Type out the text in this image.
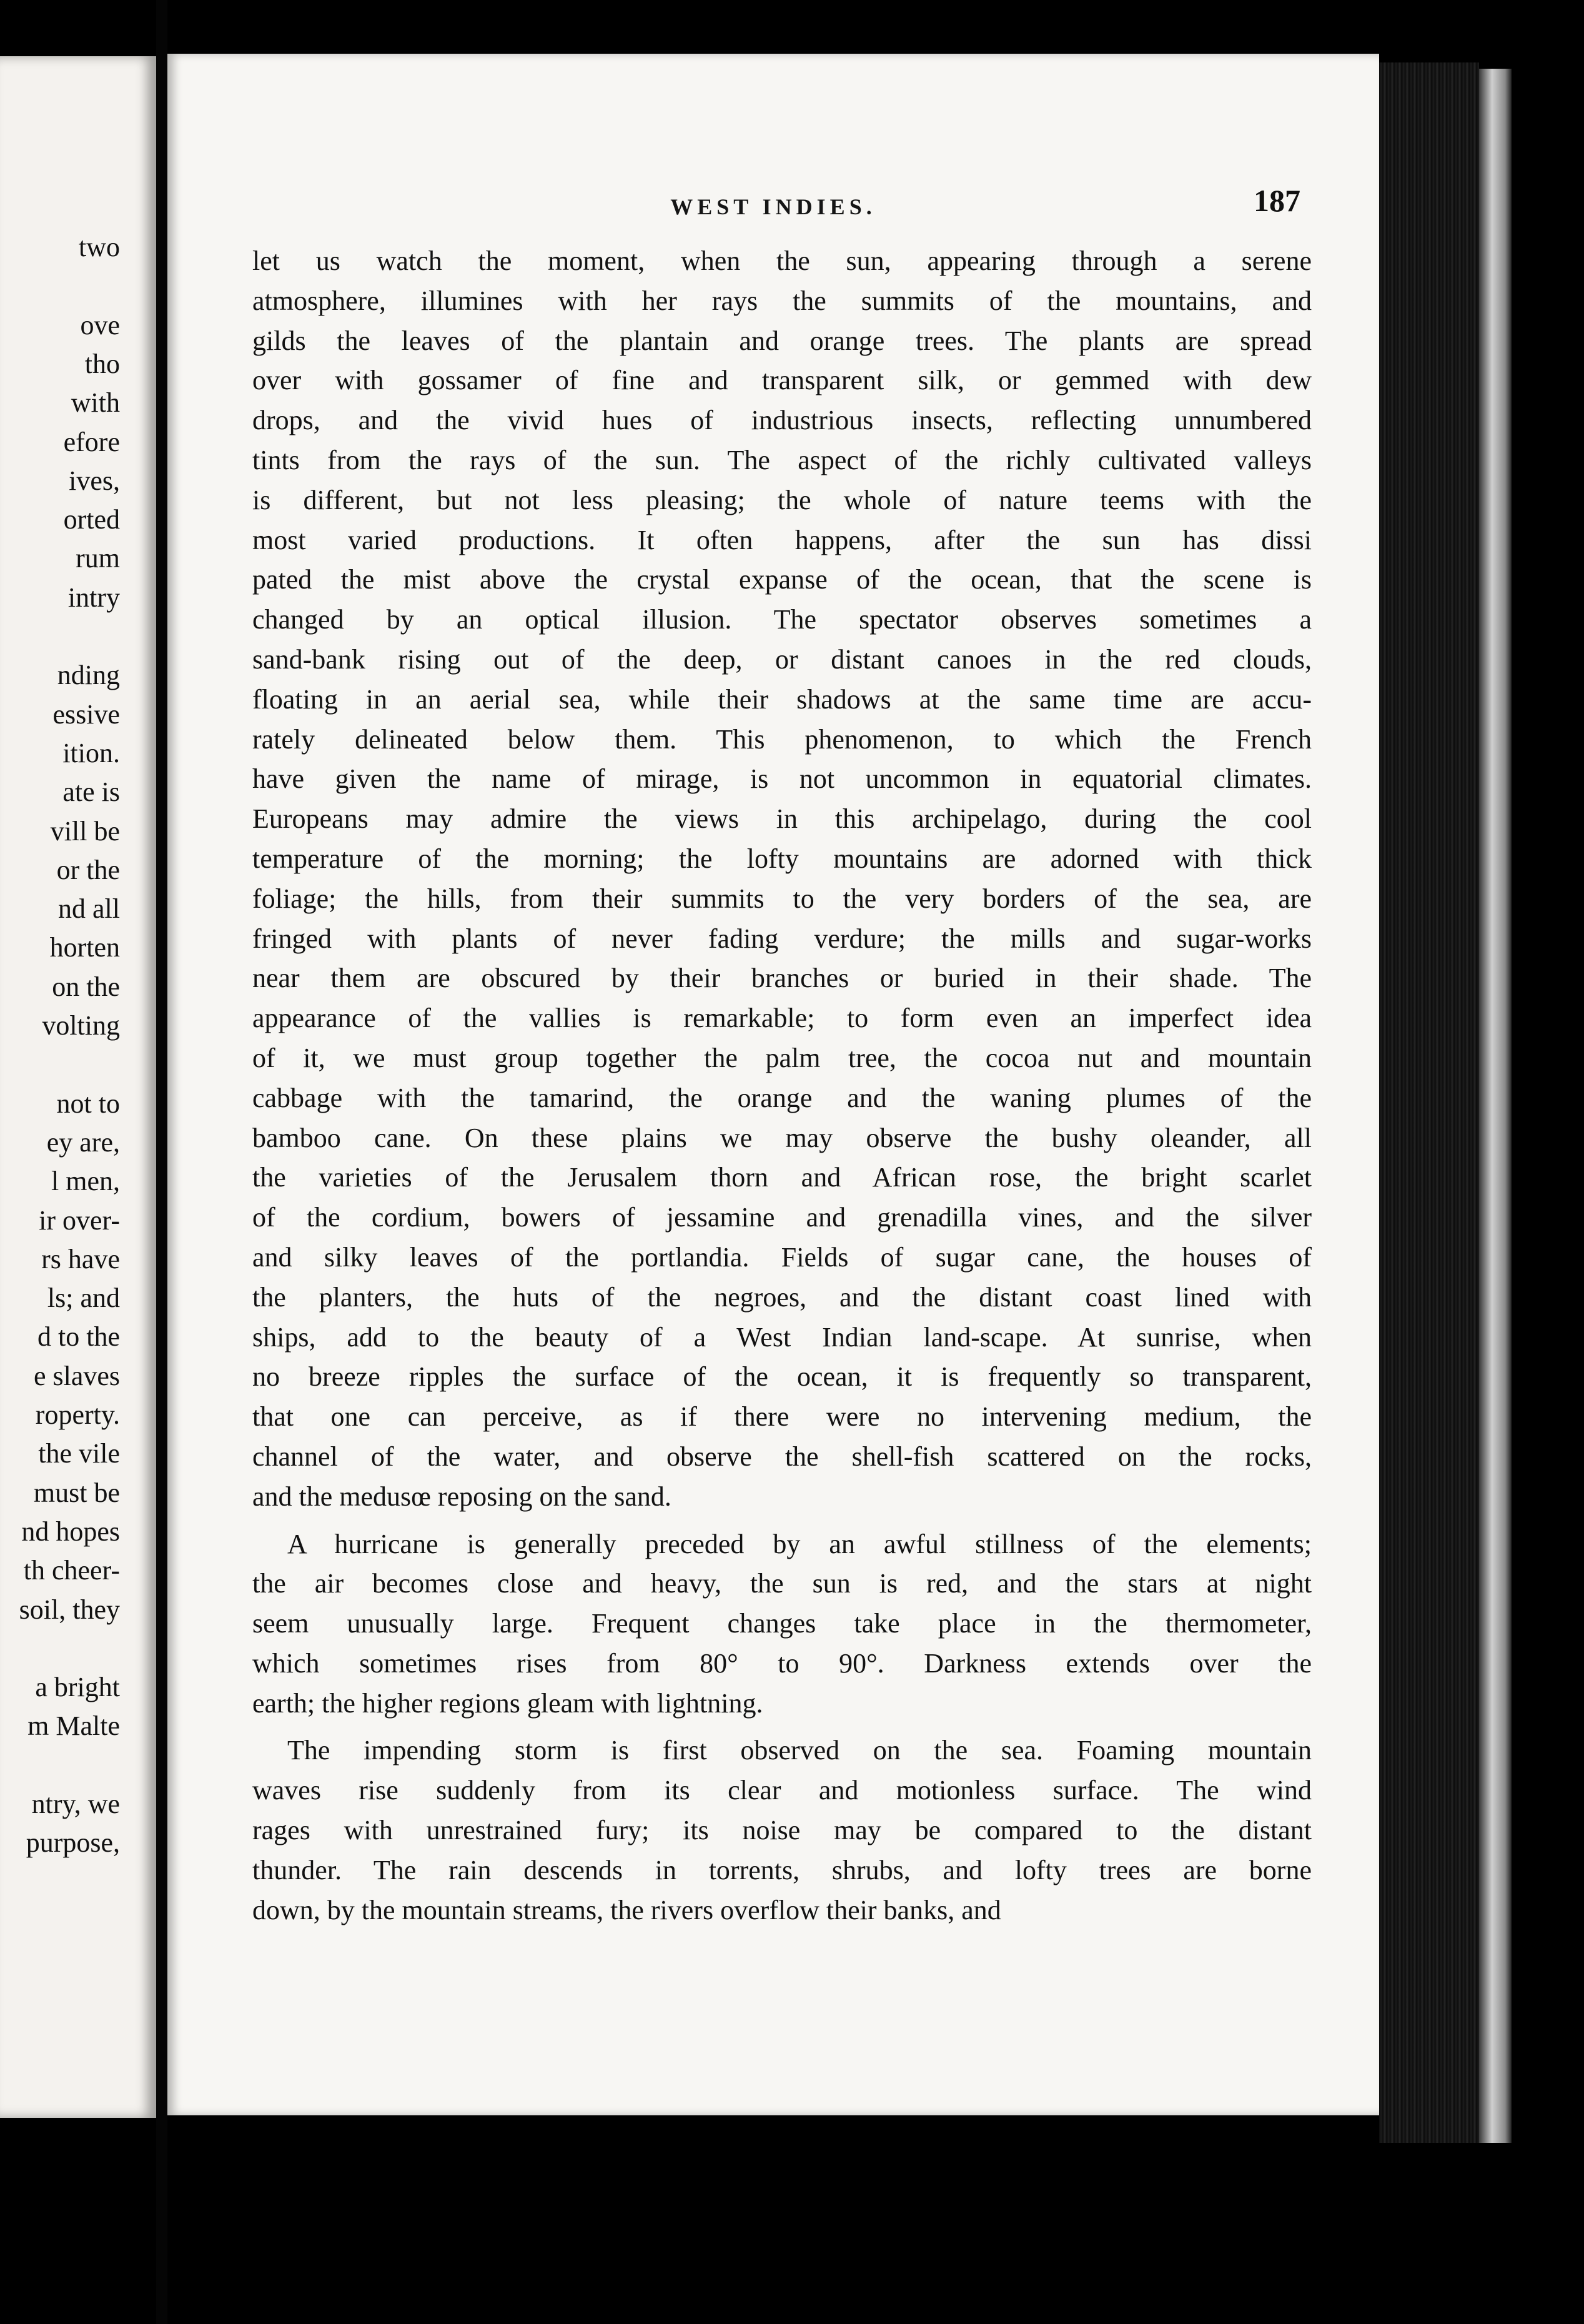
two
ove
tho
with
efore
ives,
orted
rum
intry
nding
essive
ition.
ate is
vill be
or the
nd all
horten
on the
volting
not to
ey are,
l men,
ir over-
rs have
ls; and
d to the
e slaves
roperty.
the vile
must be
nd hopes
th cheer-
soil, they
a bright
m Malte
ntry, we
purpose,
WEST INDIES.	187
let us watch the moment, when the sun, appearing through a serene
atmosphere, illumines with her rays the summits of the mountains, and
gilds the leaves of the plantain and orange trees. The plants are spread
over with gossamer of fine and transparent silk, or gemmed with dew
drops, and the vivid hues of industrious insects, reflecting unnumbered
tints from the rays of the sun. The aspect of the richly cultivated valleys
is different, but not less pleasing; the whole of nature teems with the
most varied productions. It often happens, after the sun has dissi
pated the mist above the crystal expanse of the ocean, that the scene is
changed by an optical illusion. The spectator observes sometimes a
sand-bank rising out of the deep, or distant canoes in the red clouds,
floating in an aerial sea, while their shadows at the same time are accu-
rately delineated below them. This phenomenon, to which the French
have given the name of mirage, is not uncommon in equatorial climates.
Europeans may admire the views in this archipelago, during the cool
temperature of the morning; the lofty mountains are adorned with thick
foliage; the hills, from their summits to the very borders of the sea, are
fringed with plants of never fading verdure; the mills and sugar-works
near them are obscured by their branches or buried in their shade. The
appearance of the vallies is remarkable; to form even an imperfect idea
of it, we must group together the palm tree, the cocoa nut and mountain
cabbage with the tamarind, the orange and the waning plumes of the
bamboo cane. On these plains we may observe the bushy oleander, all
the varieties of the Jerusalem thorn and African rose, the bright scarlet
of the cordium, bowers of jessamine and grenadilla vines, and the silver
and silky leaves of the portlandia. Fields of sugar cane, the houses of
the planters, the huts of the negroes, and the distant coast lined with
ships, add to the beauty of a West Indian land-scape. At sunrise, when
no breeze ripples the surface of the ocean, it is frequently so transparent,
that one can perceive, as if there were no intervening medium, the
channel of the water, and observe the shell-fish scattered on the rocks,
and the medusœ reposing on the sand.
A hurricane is generally preceded by an awful stillness of the elements;
the air becomes close and heavy, the sun is red, and the stars at night
seem unusually large. Frequent changes take place in the thermometer,
which sometimes rises from 80° to 90°. Darkness extends over the
earth; the higher regions gleam with lightning.
The impending storm is first observed on the sea. Foaming mountain
waves rise suddenly from its clear and motionless surface. The wind
rages with unrestrained fury; its noise may be compared to the distant
thunder. The rain descends in torrents, shrubs, and lofty trees are borne
down, by the mountain streams, the rivers overflow their banks, and
